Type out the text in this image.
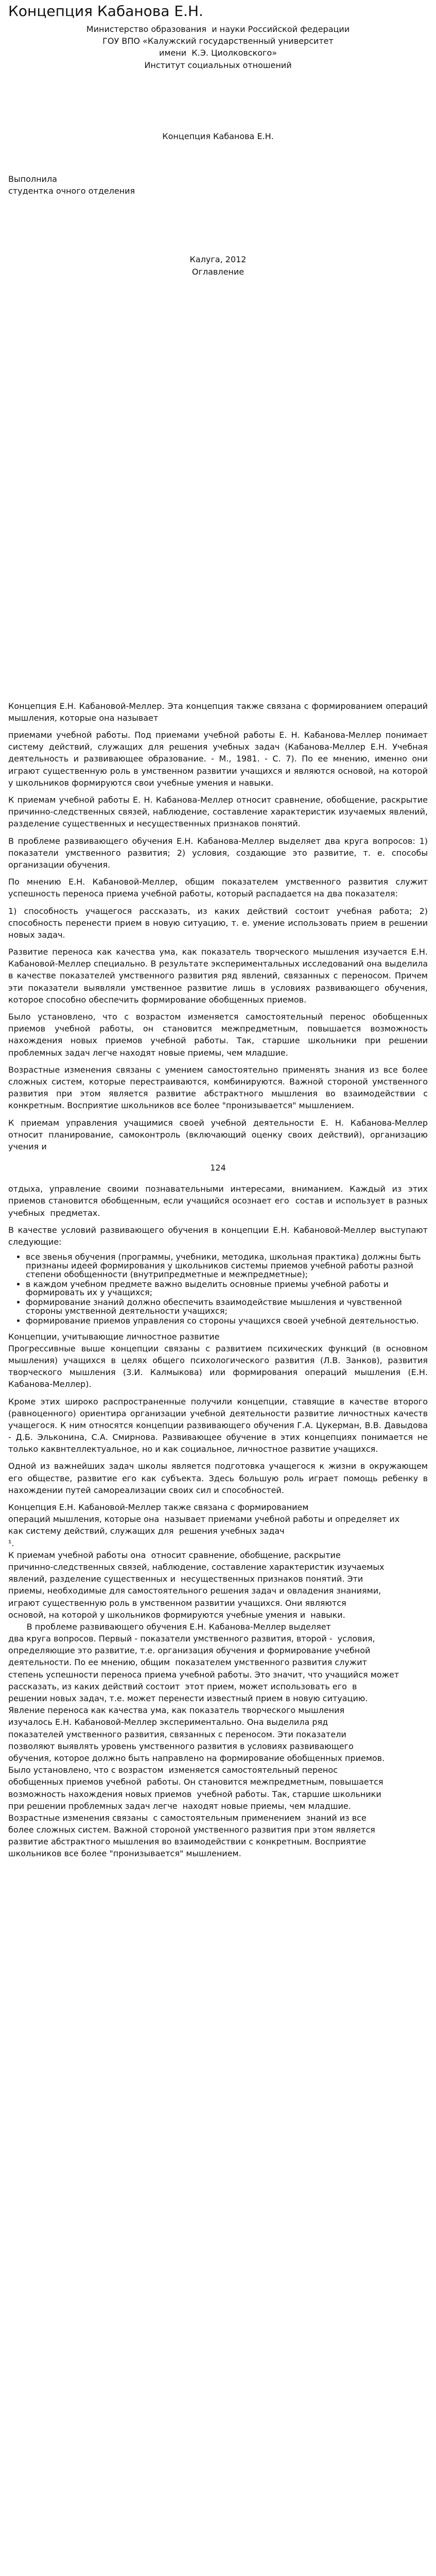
Концепция Кабанова Е.Н.
Министерство образования  и науки Российской федерации
ГОУ ВПО «Калужский государственный университет
имени  К.Э. Циолковского»
Институт социальных отношений
Концепция Кабанова Е.Н.
Выполнила
студентка очного отделения
Калуга, 2012
Оглавление
Концепция Е.Н. Кабановой-Меллер. Эта концепция также связана с формированием операций мышления, которые она называет
приемами учебной работы. Под приемами учебной работы Е. Н. Кабанова-Меллер понимает систему действий, служащих для решения учебных задач (Кабанова-Меллер Е.Н. Учебная деятельность и развивающее образование. - М., 1981. - С. 7). По ее мнению, именно они играют существенную роль в умственном развитии учащихся и являются основой, на которой у школьников формируются свои учебные умения и навыки.
К приемам учебной работы Е. Н. Кабанова-Меллер относит сравнение, обобщение, раскрытие причинно-следственных связей, наблюдение, составление характеристик изучаемых явлений, разделение существенных и несущественных признаков понятий.
В проблеме развивающего обучения Е.Н. Кабанова-Меллер выделяет два круга вопросов: 1) показатели умственного развития; 2) условия, создающие это развитие, т. е. способы организации обучения.
По мнению Е.Н. Кабановой-Меллер, общим показателем умственного развития служит успешность переноса приема учебной работы, который распадается на два показателя:
1) способность учащегося рассказать, из каких действий состоит учебная работа; 2) способность перенести прием в новую ситуацию, т. е. умение использовать прием в решении новых задач.
Развитие переноса как качества ума, как показатель творческого мышления изучается Е.Н. Кабановой-Меллер специально. В результате экспериментальных исследований она выделила в качестве показателей умственного развития ряд явлений, связанных с переносом. Причем эти показатели выявляли умственное развитие лишь в условиях развивающего обучения, которое способно обеспечить формирование обобщенных приемов.
Было установлено, что с возрастом изменяется самостоятельный перенос обобщенных приемов учебной работы, он становится межпредметным, повышается возможность нахождения новых приемов учебной работы. Так, старшие школьники при решении проблемных задач легче находят новые приемы, чем младшие.
Возрастные изменения связаны с умением самостоятельно применять знания из все более сложных систем, которые перестраиваются, комбинируются. Важной стороной умственного развития при этом является развитие абстрактного мышления во взаимодействии с конкретным. Восприятие школьников все более "пронизывается" мышлением.
К приемам управления учащимися своей учебной деятельности Е. Н. Кабанова-Меллер относит планирование, самоконтроль (включающий оценку своих действий), организацию учения и
124
отдыха, управление своими познавательными интересами, вниманием. Каждый из этих приемов становится обобщенным, если учащийся осознает его  состав и использует в разных учебных  предметах.
В качестве условий развивающего обучения в концепции Е.Н. Кабановой-Меллер выступают следующие:
• все звенья обучения (программы, учебники, методика, школьная практика) должны быть признаны идеей формирования у школьников системы приемов учебной работы разной степени обобщенности (внутрипредметные и межпредметные);
• в каждом учебном предмете важно выделить основные приемы учебной работы и формировать их у учащихся;
• формирование знаний должно обеспечить взаимодействие мышления и чувственной стороны умственной деятельности учащихся;
• формирование приемов управления со стороны учащихся своей учебной деятельностью.
Концепции, учитывающие личностное развитие
Прогрессивные выше концепции связаны с развитием психических функций (в основном мышления) учащихся в целях общего психологического развития (Л.В. Занков), развития творческого мышления (З.И. Калмыкова) или формирования операций мышления (Е.Н. Кабанова-Меллер).
Кроме этих широко распространенные получили концепции, ставящие в качестве второго (равноценного) ориентира организации учебной деятельности развитие личностных качеств учащегося. К ним относятся концепции развивающего обучения Г.А. Цукерман, В.В. Давыдова - Д.Б. Эльконина, С.А. Смирнова. Развивающее обучение в этих концепциях понимается не только каквнтеллектуальное, но и как социальное, личностное развитие учащихся.
Одной из важнейших задач школы является подготовка учащегося к жизни в окружающем его обществе, развитие его как субъекта. Здесь большую роль играет помощь ребенку в нахождении путей самореализации своих сил и способностей.
Концепция Е.Н. Кабановой-Меллер также связана с формированием
операций мышления, которые она  называет приемами учебной работы и определяет их
как систему действий, служащих для  решения учебных задач
¹.
К приемам учебной работы она  относит сравнение, обобщение, раскрытие
причинно-следственных связей, наблюдение, составление характеристик изучаемых
явлений, разделение существенных и  несущественных признаков понятий. Эти
приемы, необходимые для самостоятельного решения задач и овладения знаниями,
играют существенную роль в умственном развитии учащихся. Они являются
основой, на которой у школьников формируются учебные умения и  навыки.
В проблеме развивающего обучения Е.Н. Кабанова-Меллер выделяет
два круга вопросов. Первый - показатели умственного развития, второй -  условия,
определяющие это развитие, т.е. организация обучения и формирование учебной
деятельности. По ее мнению, общим  показателем умственного развития служит
степень успешности переноса приема учебной работы. Это значит, что учащийся может
рассказать, из каких действий состоит  этот прием, может использовать его  в
решении новых задач, т.е. может перенести известный прием в новую ситуацию.
Явление переноса как качества ума, как показатель творческого мышления
изучалось Е.Н. Кабановой-Меллер экспериментально. Она выделила ряд
показателей умственного развития, связанных с переносом. Эти показатели
позволяют выявлять уровень умственного развития в условиях развивающего
обучения, которое должно быть направлено на формирование обобщенных приемов.
Было установлено, что с возрастом  изменяется самостоятельный перенос
обобщенных приемов учебной  работы. Он становится межпредметным, повышается
возможность нахождения новых приемов  учебной работы. Так, старшие школьники
при решении проблемных задач легче  находят новые приемы, чем младшие.
Возрастные изменения связаны  с самостоятельным применением  знаний из все
более сложных систем. Важной стороной умственного развития при этом является
развитие абстрактного мышления во взаимодействии с конкретным. Восприятие
школьников все более "пронизывается" мышлением.
